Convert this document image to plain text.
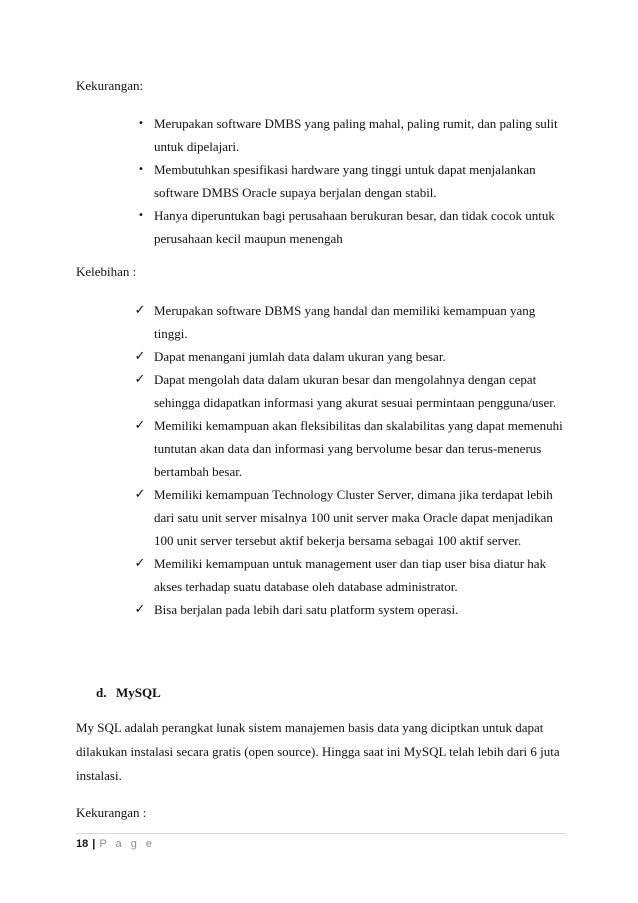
Kekurangan:

• Merupakan software DMBS yang paling mahal, paling rumit, dan paling sulit untuk dipelajari.
• Membutuhkan spesifikasi hardware yang tinggi untuk dapat menjalankan software DMBS Oracle supaya berjalan dengan stabil.
• Hanya diperuntukan bagi perusahaan berukuran besar, dan tidak cocok untuk perusahaan kecil maupun menengah

Kelebihan :

✓ Merupakan software DBMS yang handal dan memiliki kemampuan yang tinggi.
✓ Dapat menangani jumlah data dalam ukuran yang besar.
✓ Dapat mengolah data dalam ukuran besar dan mengolahnya dengan cepat sehingga didapatkan informasi yang akurat sesuai permintaan pengguna/user.
✓ Memiliki kemampuan akan fleksibilitas dan skalabilitas yang dapat memenuhi tuntutan akan data dan informasi yang bervolume besar dan terus-menerus bertambah besar.
✓ Memiliki kemampuan Technology Cluster Server, dimana jika terdapat lebih dari satu unit server misalnya 100 unit server maka Oracle dapat menjadikan 100 unit server tersebut aktif bekerja bersama sebagai 100 aktif server.
✓ Memiliki kemampuan untuk management user dan tiap user bisa diatur hak akses terhadap suatu database oleh database administrator.
✓ Bisa berjalan pada lebih dari satu platform system operasi.

d. MySQL

My SQL adalah perangkat lunak sistem manajemen basis data yang diciptkan untuk dapat dilakukan instalasi secara gratis (open source). Hingga saat ini MySQL telah lebih dari 6 juta instalasi.

Kekurangan :

18 | P a g e
